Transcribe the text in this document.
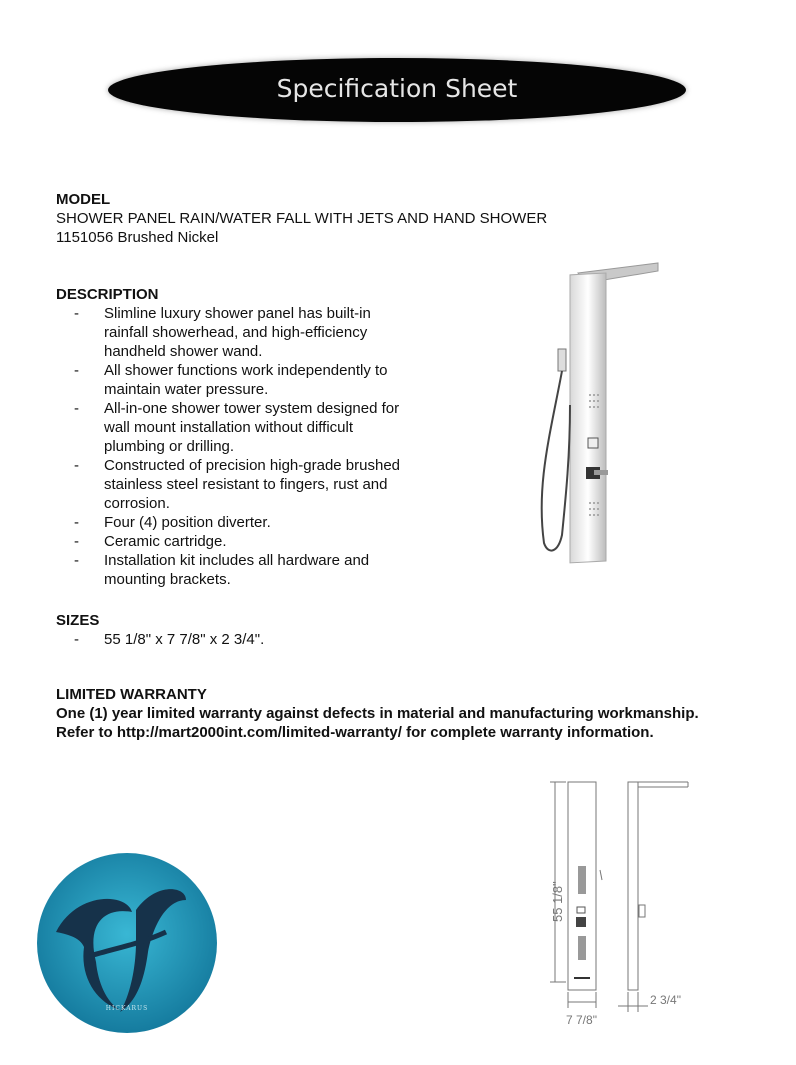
Specification Sheet
MODEL
SHOWER PANEL RAIN/WATER FALL WITH JETS AND HAND SHOWER
1151056 Brushed Nickel
DESCRIPTION
- Slimline luxury shower panel has built-in rainfall showerhead, and high-efficiency handheld shower wand.
- All shower functions work independently to maintain water pressure.
- All-in-one shower tower system designed for wall mount installation without difficult plumbing or drilling.
- Constructed of precision high-grade brushed stainless steel resistant to fingers, rust and corrosion.
- Four (4) position diverter.
- Ceramic cartridge.
- Installation kit includes all hardware and mounting brackets.
SIZES
- 55 1/8" x 7 7/8" x 2 3/4".
LIMITED WARRANTY
One (1) year limited warranty against defects in material and manufacturing workmanship.
Refer to http://mart2000int.com/limited-warranty/ for complete warranty information.
55 1/8"
7 7/8"
2 3/4"
HICKARUS
